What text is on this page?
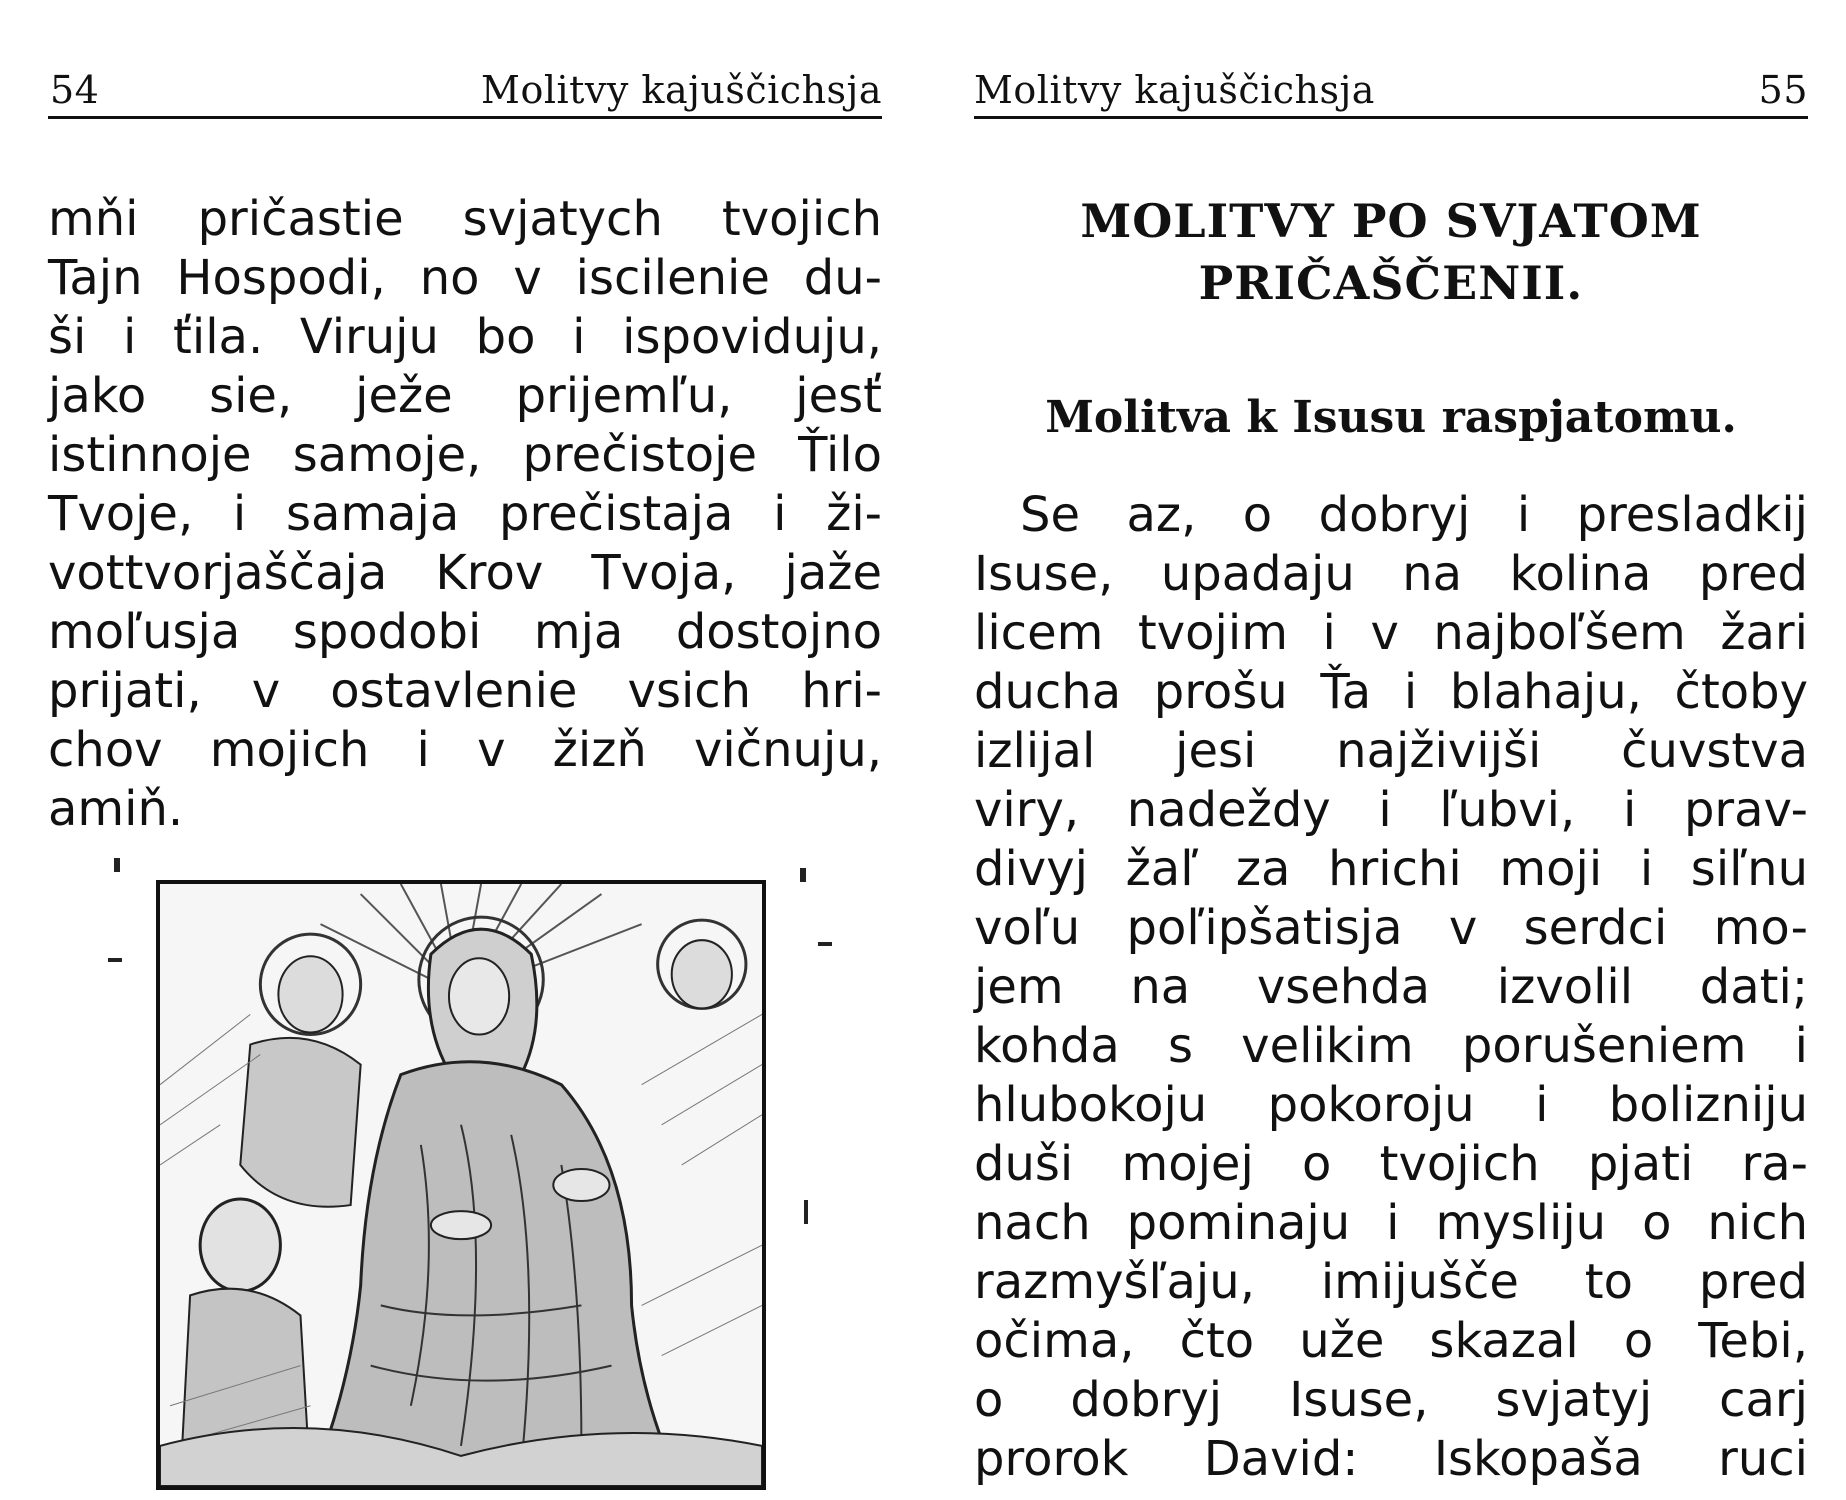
54	Molitvy kajuščichsja
mňi pričastie svjatych tvojich
Tajn Hospodi, no v iscilenie du-
ši i ťila. Viruju bo i ispoviduju,
jako sie, ježe prijemľu, jesť
istinnoje samoje, prečistoje Ťilo
Tvoje, i samaja prečistaja i ži-
vottvorjaščaja Krov Tvoja, jaže
moľusja spodobi mja dostojno
prijati, v ostavlenie vsich hri-
chov mojich i v žizň vičnuju,
amiň.
Molitvy kajuščichsja	55
MOLITVY PO SVJATOM
PRIČAŠČENII.
Molitva k Isusu raspjatomu.
Se az, o dobryj i presladkij
Isuse, upadaju na kolina pred
licem tvojim i v najboľšem žari
ducha prošu Ťa i blahaju, čtoby
izlijal jesi najživijši čuvstva
viry, nadeždy i ľubvi, i prav-
divyj žaľ za hrichi moji i siľnu
voľu poľipšatisja v serdci mo-
jem na vsehda izvolil dati;
kohda s velikim porušeniem i
hlubokoju pokoroju i bolizniju
duši mojej o tvojich pjati ra-
nach pominaju i mysliju o nich
razmyšľaju, imijušče to pred
očima, čto uže skazal o Tebi,
o dobryj Isuse, svjatyj carj
prorok David: Iskopaša ruci
